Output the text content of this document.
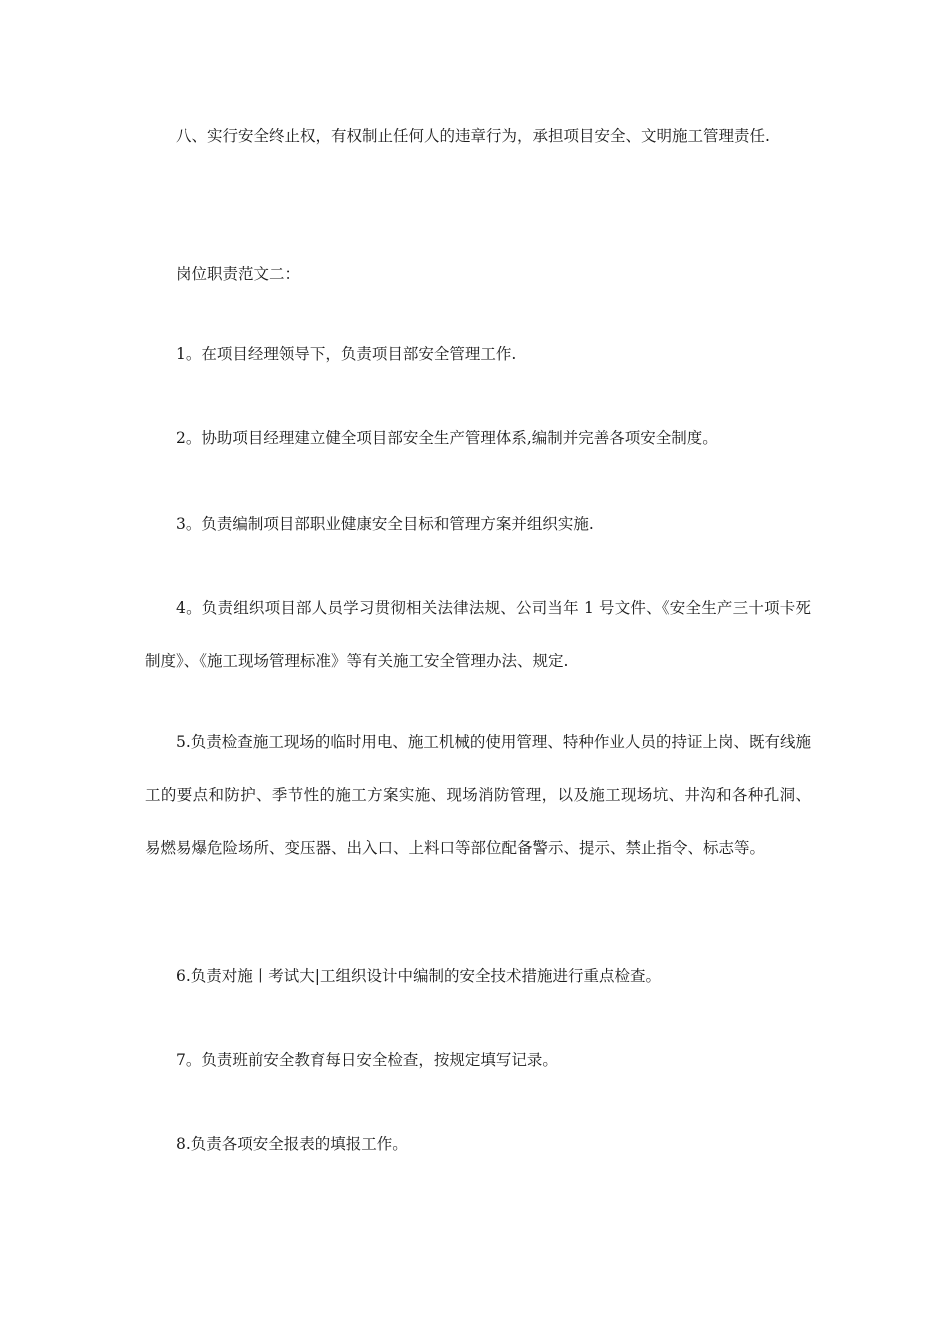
八、实行安全终止权，有权制止任何人的违章行为，承担项目安全、文明施工管理责任.

岗位职责范文二：

1。在项目经理领导下，负责项目部安全管理工作.

2。协助项目经理建立健全项目部安全生产管理体系,编制并完善各项安全制度。

3。负责编制项目部职业健康安全目标和管理方案并组织实施.

4。负责组织项目部人员学习贯彻相关法律法规、公司当年 1 号文件、《安全生产三十项卡死制度》、《施工现场管理标准》等有关施工安全管理办法、规定.

5.负责检查施工现场的临时用电、施工机械的使用管理、特种作业人员的持证上岗、既有线施工的要点和防护、季节性的施工方案实施、现场消防管理，以及施工现场坑、井沟和各种孔洞、易燃易爆危险场所、变压器、出入口、上料口等部位配备警示、提示、禁止指令、标志等。

6.负责对施丨考试大|工组织设计中编制的安全技术措施进行重点检查。

7。负责班前安全教育每日安全检查，按规定填写记录。

8.负责各项安全报表的填报工作。
